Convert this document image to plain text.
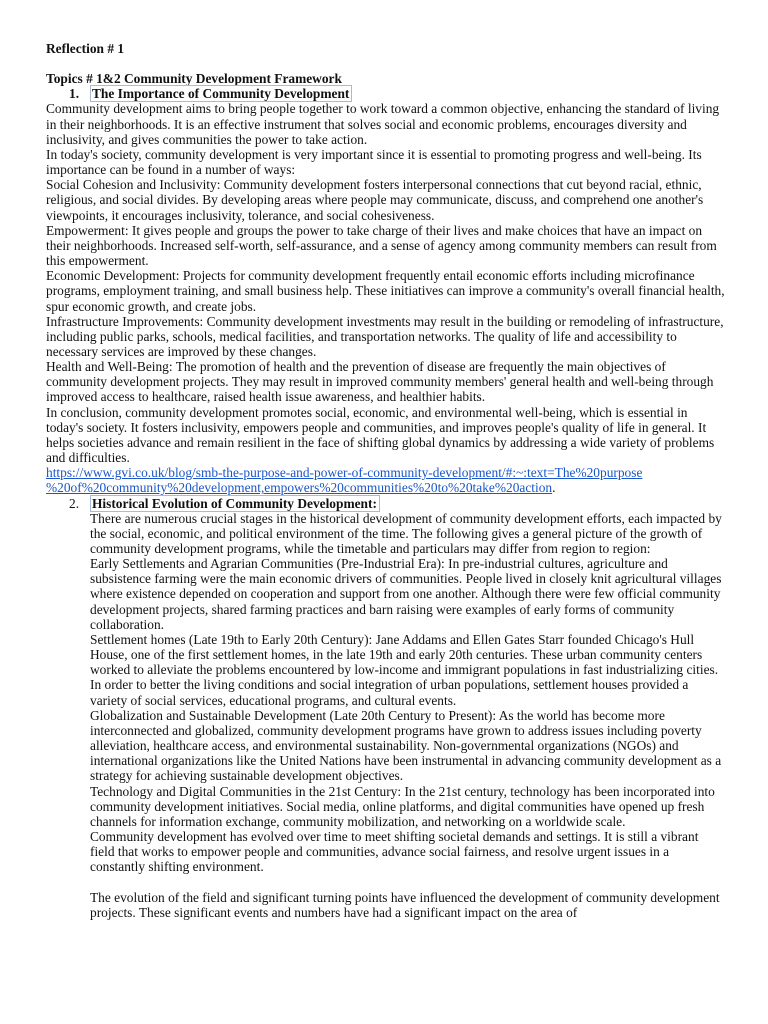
Reflection # 1
Topics # 1&2 Community Development Framework
1. The Importance of Community Development

Community development aims to bring people together to work toward a common objective, enhancing the standard of living in their neighborhoods. It is an effective instrument that solves social and economic problems, encourages diversity and inclusivity, and gives communities the power to take action.

In today's society, community development is very important since it is essential to promoting progress and well-being. Its importance can be found in a number of ways:

Social Cohesion and Inclusivity: Community development fosters interpersonal connections that cut beyond racial, ethnic, religious, and social divides. By developing areas where people may communicate, discuss, and comprehend one another's viewpoints, it encourages inclusivity, tolerance, and social cohesiveness.

Empowerment: It gives people and groups the power to take charge of their lives and make choices that have an impact on their neighborhoods. Increased self-worth, self-assurance, and a sense of agency among community members can result from this empowerment.

Economic Development: Projects for community development frequently entail economic efforts including microfinance programs, employment training, and small business help. These initiatives can improve a community's overall financial health, spur economic growth, and create jobs.

Infrastructure Improvements: Community development investments may result in the building or remodeling of infrastructure, including public parks, schools, medical facilities, and transportation networks. The quality of life and accessibility to necessary services are improved by these changes.

Health and Well-Being: The promotion of health and the prevention of disease are frequently the main objectives of community development projects. They may result in improved community members' general health and well-being through improved access to healthcare, raised health issue awareness, and healthier habits.

In conclusion, community development promotes social, economic, and environmental well-being, which is essential in today's society. It fosters inclusivity, empowers people and communities, and improves people's quality of life in general. It helps societies advance and remain resilient in the face of shifting global dynamics by addressing a wide variety of problems and difficulties.

https://www.gvi.co.uk/blog/smb-the-purpose-and-power-of-community-development/#:~:text=The%20purpose
%20of%20community%20development,empowers%20communities%20to%20take%20action.
2. Historical Evolution of Community Development:

There are numerous crucial stages in the historical development of community development efforts, each impacted by the social, economic, and political environment of the time. The following gives a general picture of the growth of community development programs, while the timetable and particulars may differ from region to region:

Early Settlements and Agrarian Communities (Pre-Industrial Era): In pre-industrial cultures, agriculture and subsistence farming were the main economic drivers of communities. People lived in closely knit agricultural villages where existence depended on cooperation and support from one another. Although there were few official community development projects, shared farming practices and barn raising were examples of early forms of community collaboration.

Settlement homes (Late 19th to Early 20th Century): Jane Addams and Ellen Gates Starr founded Chicago's Hull House, one of the first settlement homes, in the late 19th and early 20th centuries. These urban community centers worked to alleviate the problems encountered by low-income and immigrant populations in fast industrializing cities. In order to better the living conditions and social integration of urban populations, settlement houses provided a variety of social services, educational programs, and cultural events.

Globalization and Sustainable Development (Late 20th Century to Present): As the world has become more interconnected and globalized, community development programs have grown to address issues including poverty alleviation, healthcare access, and environmental sustainability. Non-governmental organizations (NGOs) and international organizations like the United Nations have been instrumental in advancing community development as a strategy for achieving sustainable development objectives.

Technology and Digital Communities in the 21st Century: In the 21st century, technology has been incorporated into community development initiatives. Social media, online platforms, and digital communities have opened up fresh channels for information exchange, community mobilization, and networking on a worldwide scale.

Community development has evolved over time to meet shifting societal demands and settings. It is still a vibrant field that works to empower people and communities, advance social fairness, and resolve urgent issues in a constantly shifting environment.

The evolution of the field and significant turning points have influenced the development of community development projects. These significant events and numbers have had a significant impact on the area of
